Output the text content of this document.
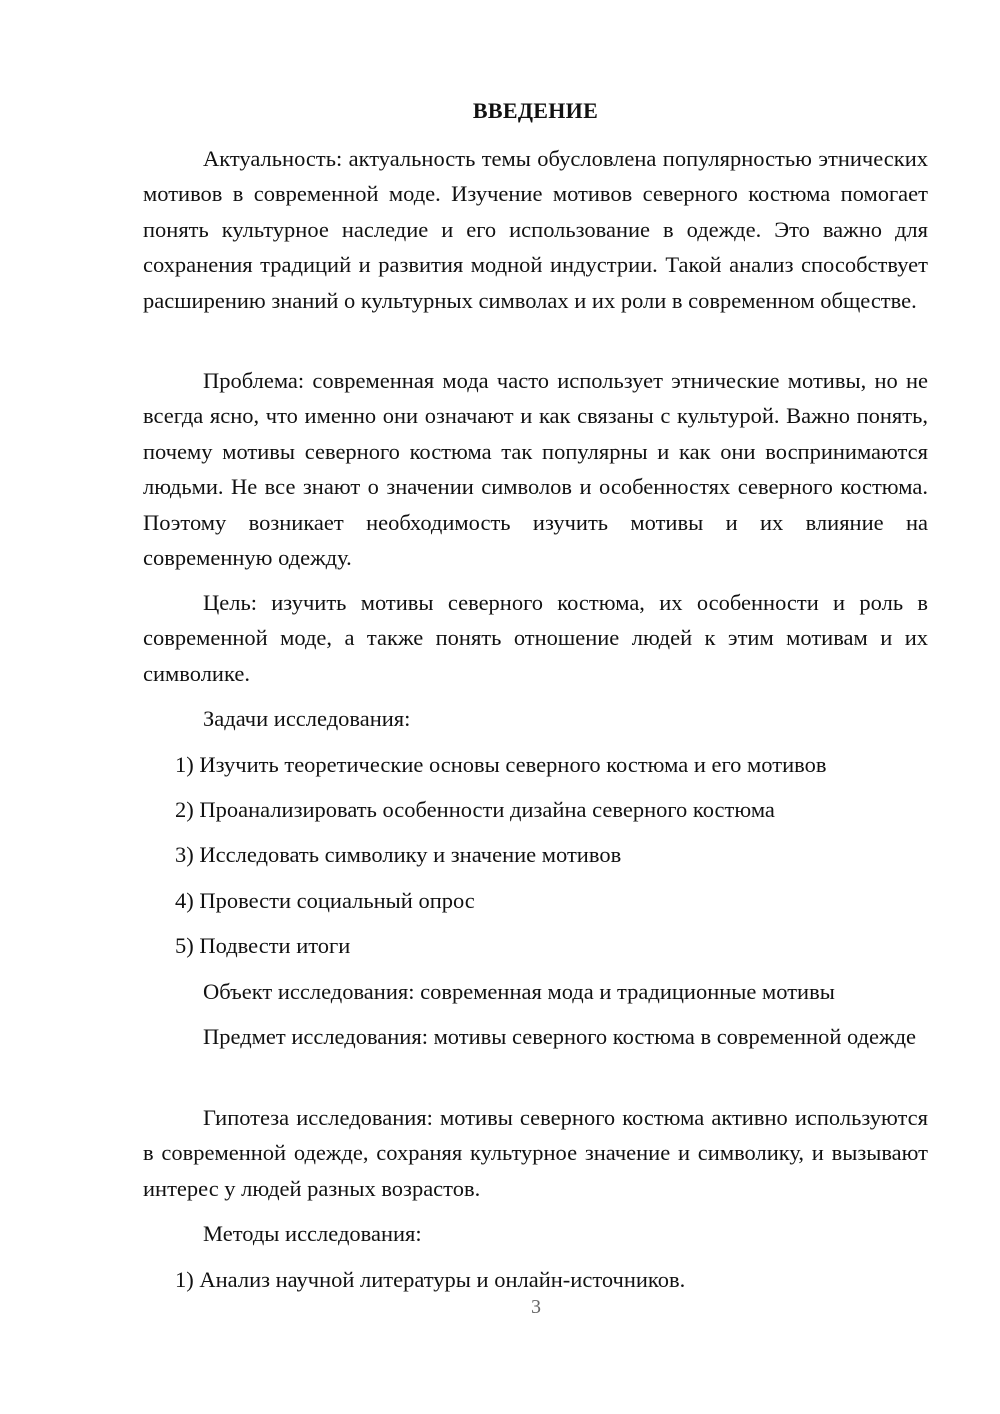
ВВЕДЕНИЕ

Актуальность: актуальность темы обусловлена популярностью этнических мотивов в современной моде. Изучение мотивов северного костюма помогает понять культурное наследие и его использование в одежде. Это важно для сохранения традиций и развития модной индустрии. Такой анализ способствует расширению знаний о культурных символах и их роли в современном обществе.

Проблема: современная мода часто использует этнические мотивы, но не всегда ясно, что именно они означают и как связаны с культурой. Важно понять, почему мотивы северного костюма так популярны и как они воспринимаются людьми. Не все знают о значении символов и особенностях северного костюма. Поэтому возникает необходимость изучить мотивы и их влияние на современную одежду.

Цель: изучить мотивы северного костюма, их особенности и роль в современной моде, а также понять отношение людей к этим мотивам и их символике.

Задачи исследования:

1) Изучить теоретические основы северного костюма и его мотивов

2) Проанализировать особенности дизайна северного костюма

3) Исследовать символику и значение мотивов

4) Провести социальный опрос

5) Подвести итоги

Объект исследования: современная мода и традиционные мотивы

Предмет исследования: мотивы северного костюма в современной одежде

Гипотеза исследования: мотивы северного костюма активно используются в современной одежде, сохраняя культурное значение и символику, и вызывают интерес у людей разных возрастов.

Методы исследования:

1) Анализ научной литературы и онлайн-источников.

3
